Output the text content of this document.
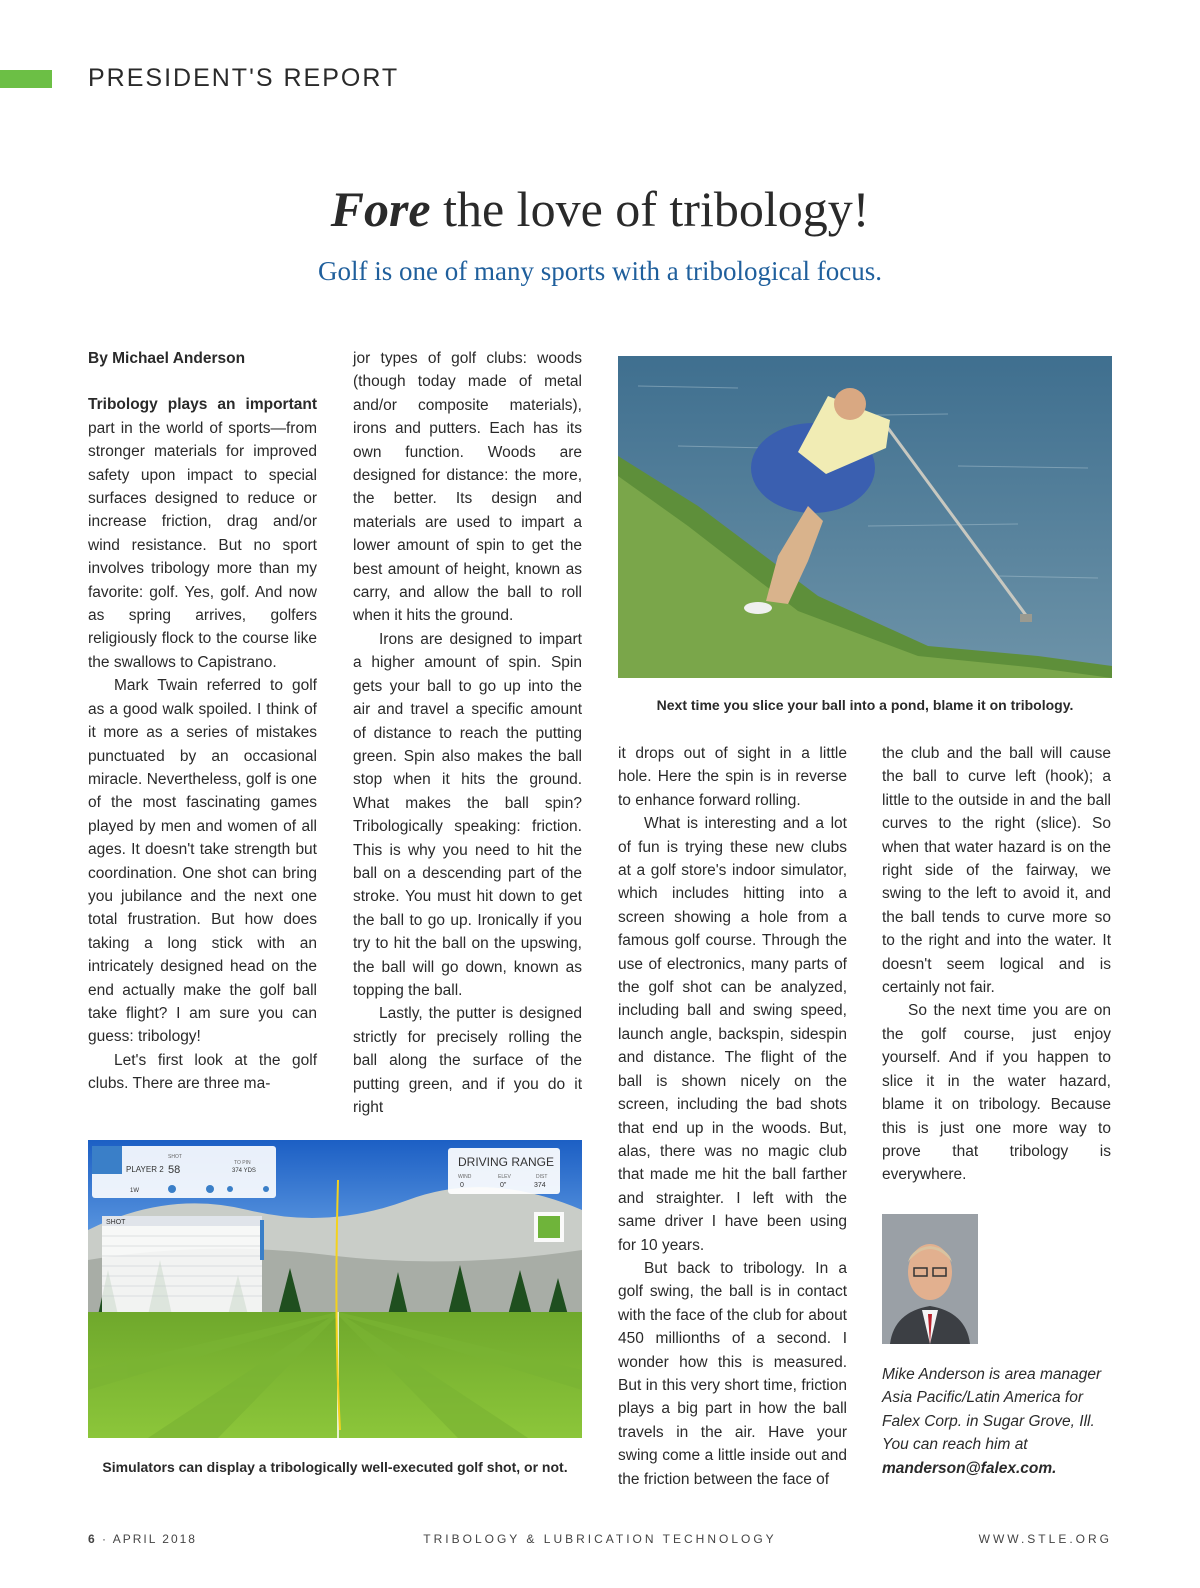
PRESIDENT'S REPORT
Fore the love of tribology!
Golf is one of many sports with a tribological focus.

By Michael Anderson

Tribology plays an important part in the world of sports—from stronger materials for improved safety upon impact to special surfaces designed to reduce or increase friction, drag and/or wind resistance. But no sport involves tribology more than my favorite: golf. Yes, golf. And now as spring arrives, golfers religiously flock to the course like the swallows to Capistrano.

Mark Twain referred to golf as a good walk spoiled. I think of it more as a series of mistakes punctuated by an occasional miracle. Nevertheless, golf is one of the most fascinating games played by men and women of all ages. It doesn't take strength but coordination. One shot can bring you jubilance and the next one total frustration. But how does taking a long stick with an intricately designed head on the end actually make the golf ball take flight? I am sure you can guess: tribology!

Let's first look at the golf clubs. There are three ma-

jor types of golf clubs: woods (though today made of metal and/or composite materials), irons and putters. Each has its own function. Woods are designed for distance: the more, the better. Its design and materials are used to impart a lower amount of spin to get the best amount of height, known as carry, and allow the ball to roll when it hits the ground.

Irons are designed to impart a higher amount of spin. Spin gets your ball to go up into the air and travel a specific amount of distance to reach the putting green. Spin also makes the ball stop when it hits the ground. What makes the ball spin? Tribologically speaking: friction. This is why you need to hit the ball on a descending part of the stroke. You must hit down to get the ball to go up. Ironically if you try to hit the ball on the upswing, the ball will go down, known as topping the ball.

Lastly, the putter is designed strictly for precisely rolling the ball along the surface of the putting green, and if you do it right

Next time you slice your ball into a pond, blame it on tribology.

it drops out of sight in a little hole. Here the spin is in reverse to enhance forward rolling.

What is interesting and a lot of fun is trying these new clubs at a golf store's indoor simulator, which includes hitting into a screen showing a hole from a famous golf course. Through the use of electronics, many parts of the golf shot can be analyzed, including ball and swing speed, launch angle, backspin, sidespin and distance. The flight of the ball is shown nicely on the screen, including the bad shots that end up in the woods. But, alas, there was no magic club that made me hit the ball farther and straighter. I left with the same driver I have been using for 10 years.

But back to tribology. In a golf swing, the ball is in contact with the face of the club for about 450 millionths of a second. I wonder how this is measured. But in this very short time, friction plays a big part in how the ball travels in the air. Have your swing come a little inside out and the friction between the face of

the club and the ball will cause the ball to curve left (hook); a little to the outside in and the ball curves to the right (slice). So when that water hazard is on the right side of the fairway, we swing to the left to avoid it, and the ball tends to curve more so to the right and into the water. It doesn't seem logical and is certainly not fair.

So the next time you are on the golf course, just enjoy yourself. And if you happen to slice it in the water hazard, blame it on tribology. Because this is just one more way to prove that tribology is everywhere.

PLAYER 2
SHOT
58
TO PIN
374 YDS
1W
DRIVING RANGE
WIND
0
ELEV
0"
DIST
374
SHOT
Simulators can display a tribologically well-executed golf shot, or not.
Mike Anderson is area manager Asia Pacific/Latin America for Falex Corp. in Sugar Grove, Ill. You can reach him at manderson@falex.com.
6 · APRIL 2018	TRIBOLOGY & LUBRICATION TECHNOLOGY	WWW.STLE.ORG
